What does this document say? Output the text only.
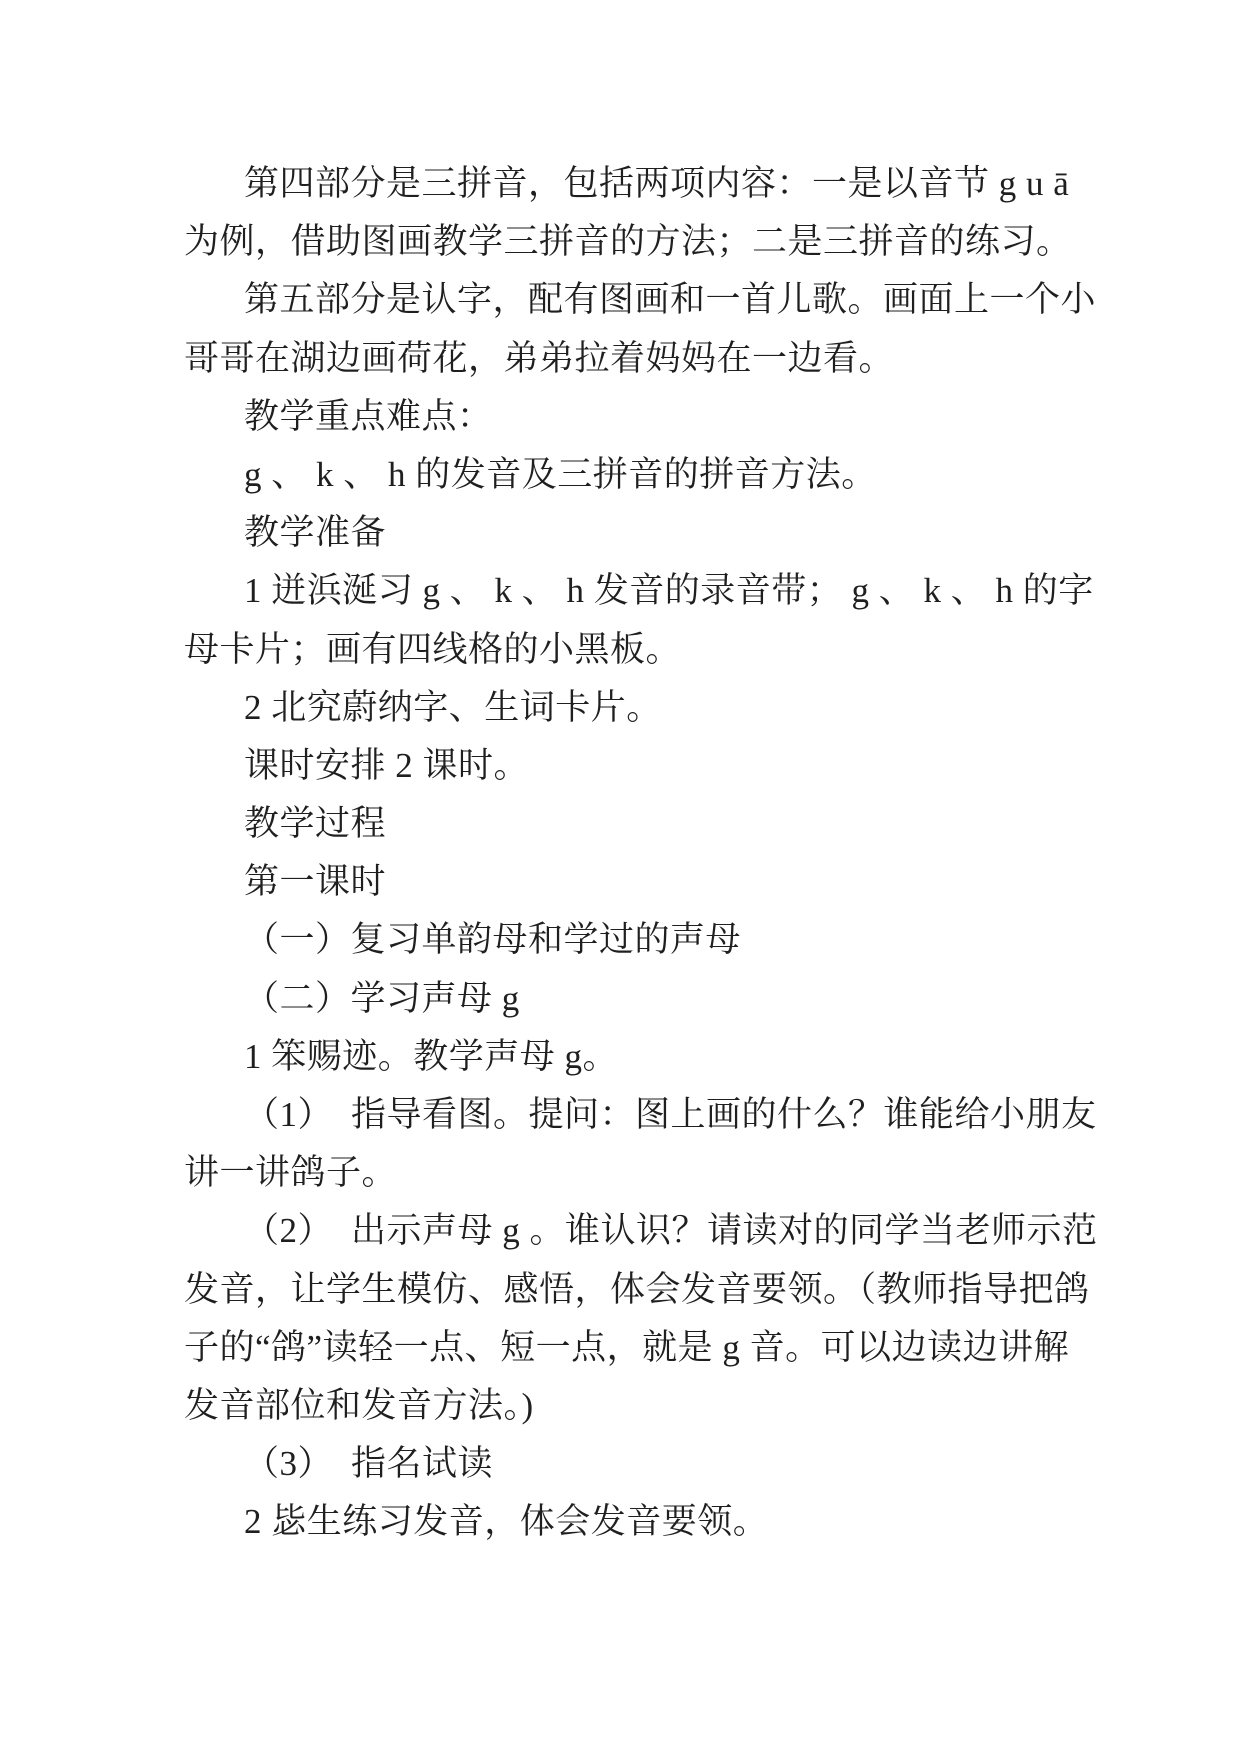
第四部分是三拼音，包括两项内容：一是以音节 g u ā
为例，借助图画教学三拼音的方法；二是三拼音的练习。
第五部分是认字，配有图画和一首儿歌。画面上一个小
哥哥在湖边画荷花，弟弟拉着妈妈在一边看。
教学重点难点：
g 、 k 、 h 的发音及三拼音的拼音方法。
教学准备
1 迸浜涎习 g 、 k 、 h 发音的录音带； g 、 k 、 h 的字
母卡片；画有四线格的小黑板。
2 北究蔚纳字、生词卡片。
课时安排 2 课时。
教学过程
第一课时
（一）复习单韵母和学过的声母
（二）学习声母 g
1 笨赐迹。教学声母 g。
（1）　指导看图。提问：图上画的什么？谁能给小朋友
讲一讲鸽子。
（2）　出示声母 g 。谁认识？请读对的同学当老师示范
发音，让学生模仿、感悟，体会发音要领。（教师指导把鸽
子的“鸽”读轻一点、短一点，就是 g 音。可以边读边讲解
发音部位和发音方法。)
（3）　指名试读
2 毖生练习发音，体会发音要领。
